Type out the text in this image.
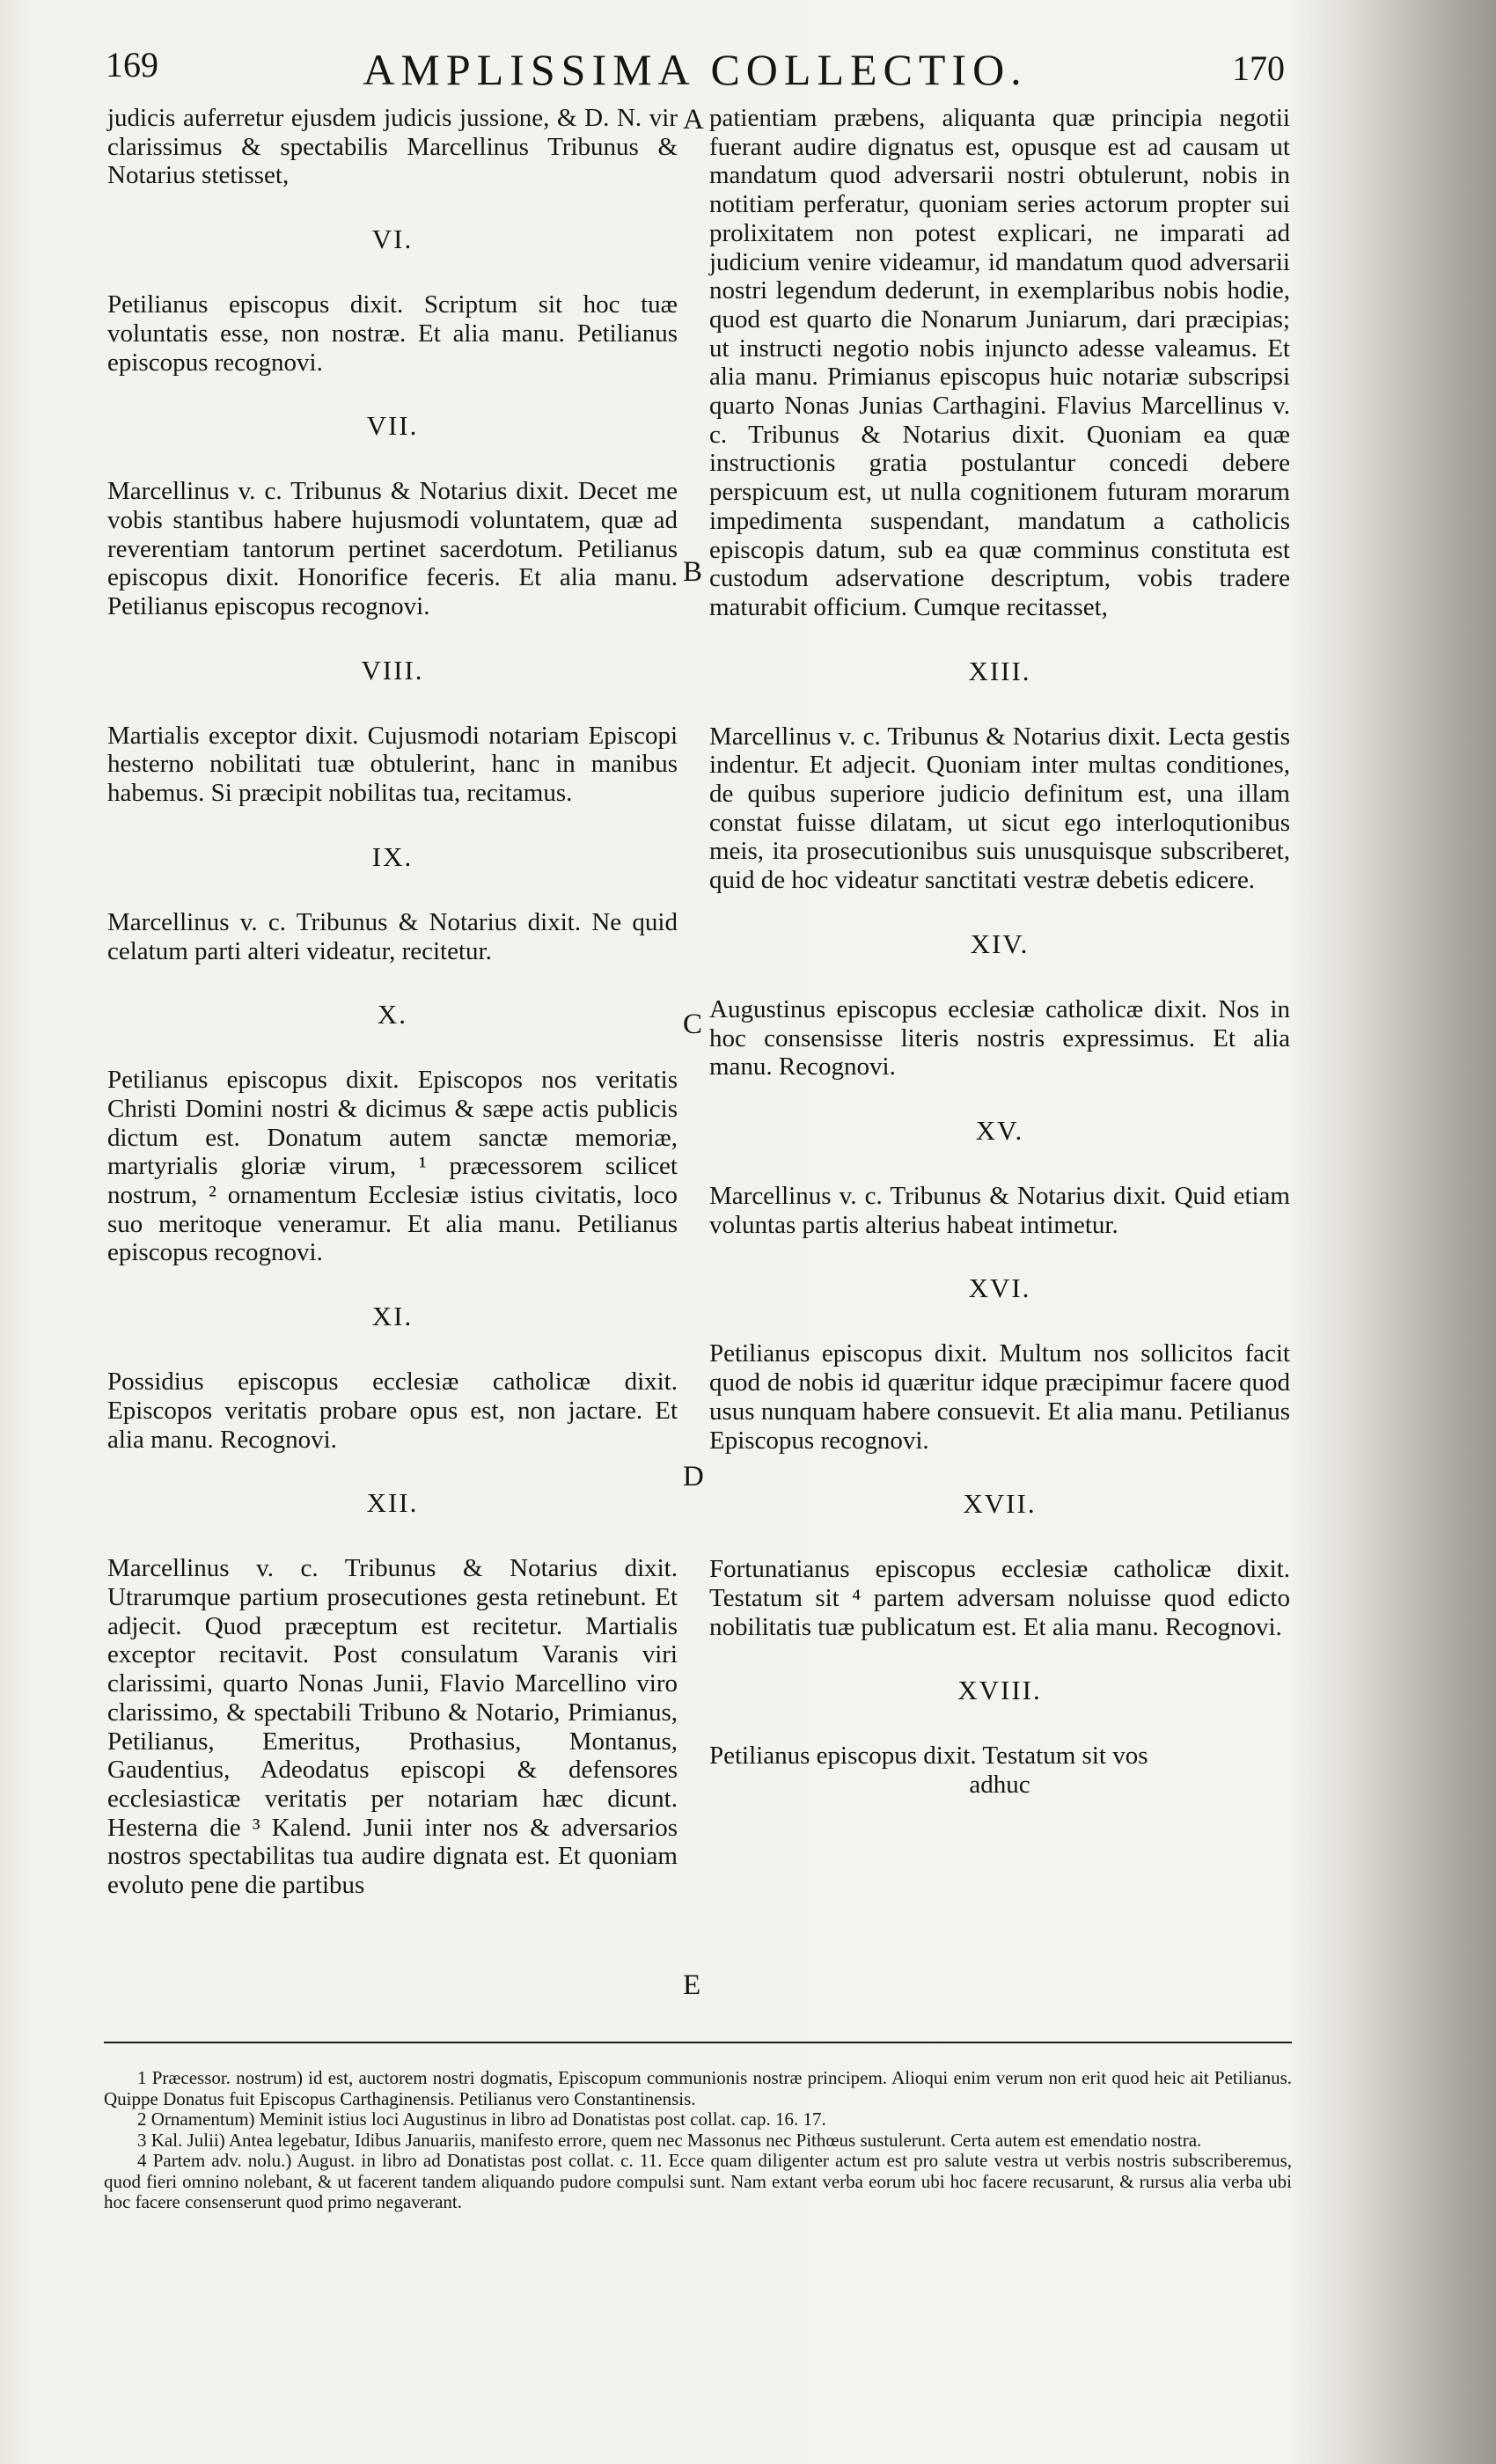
169	AMPLISSIMA COLLECTIO.	170

judicis auferretur ejusdem judicis jussione, & D. N. vir clarissimus & spectabilis Marcellinus Tribunus & Notarius stetisset,

VI.

Petilianus episcopus dixit. Scriptum sit hoc tuæ voluntatis esse, non nostræ. Et alia manu. Petilianus episcopus recognovi.

VII.

Marcellinus v. c. Tribunus & Notarius dixit. Decet me vobis stantibus habere hujusmodi voluntatem, quæ ad reverentiam tantorum pertinet sacerdotum. Petilianus episcopus dixit. Honorifice feceris. Et alia manu. Petilianus episcopus recognovi.

VIII.

Martialis exceptor dixit. Cujusmodi notariam Episcopi hesterno nobilitati tuæ obtulerint, hanc in manibus habemus. Si præcipit nobilitas tua, recitamus.

IX.

Marcellinus v. c. Tribunus & Notarius dixit. Ne quid celatum parti alteri videatur, recitetur.

X.

Petilianus episcopus dixit. Episcopos nos veritatis Christi Domini nostri & dicimus & sæpe actis publicis dictum est. Donatum autem sanctæ memoriæ, martyrialis gloriæ virum, ¹ præcessorem scilicet nostrum, ² ornamentum Ecclesiæ istius civitatis, loco suo meritoque veneramur. Et alia manu. Petilianus episcopus recognovi.

XI.

Possidius episcopus ecclesiæ catholicæ dixit. Episcopos veritatis probare opus est, non jactare. Et alia manu. Recognovi.

XII.

Marcellinus v. c. Tribunus & Notarius dixit. Utrarumque partium prosecutiones gesta retinebunt. Et adjecit. Quod præceptum est recitetur. Martialis exceptor recitavit. Post consulatum Varanis viri clarissimi, quarto Nonas Junii, Flavio Marcellino viro clarissimo, & spectabili Tribuno & Notario, Primianus, Petilianus, Emeritus, Prothasius, Montanus, Gaudentius, Adeodatus episcopi & defensores ecclesiasticæ veritatis per notariam hæc dicunt. Hesterna die ³ Kalend. Junii inter nos & adversarios nostros spectabilitas tua audire dignata est. Et quoniam evoluto pene die partibus

A
B
C
D
E

patientiam præbens, aliquanta quæ principia negotii fuerant audire dignatus est, opusque est ad causam ut mandatum quod adversarii nostri obtulerunt, nobis in notitiam perferatur, quoniam series actorum propter sui prolixitatem non potest explicari, ne imparati ad judicium venire videamur, id mandatum quod adversarii nostri legendum dederunt, in exemplaribus nobis hodie, quod est quarto die Nonarum Juniarum, dari præcipias; ut instructi negotio nobis injuncto adesse valeamus. Et alia manu. Primianus episcopus huic notariæ subscripsi quarto Nonas Junias Carthagini. Flavius Marcellinus v. c. Tribunus & Notarius dixit. Quoniam ea quæ instructionis gratia postulantur concedi debere perspicuum est, ut nulla cognitionem futuram morarum impedimenta suspendant, mandatum a catholicis episcopis datum, sub ea quæ comminus constituta est custodum adservatione descriptum, vobis tradere maturabit officium. Cumque recitasset,

XIII.

Marcellinus v. c. Tribunus & Notarius dixit. Lecta gestis indentur. Et adjecit. Quoniam inter multas conditiones, de quibus superiore judicio definitum est, una illam constat fuisse dilatam, ut sicut ego interloqutionibus meis, ita prosecutionibus suis unusquisque subscriberet, quid de hoc videatur sanctitati vestræ debetis edicere.

XIV.

Augustinus episcopus ecclesiæ catholicæ dixit. Nos in hoc consensisse literis nostris expressimus. Et alia manu. Recognovi.

XV.

Marcellinus v. c. Tribunus & Notarius dixit. Quid etiam voluntas partis alterius habeat intimetur.

XVI.

Petilianus episcopus dixit. Multum nos sollicitos facit quod de nobis id quæritur idque præcipimur facere quod usus nunquam habere consuevit. Et alia manu. Petilianus Episcopus recognovi.

XVII.

Fortunatianus episcopus ecclesiæ catholicæ dixit. Testatum sit ⁴ partem adversam noluisse quod edicto nobilitatis tuæ publicatum est. Et alia manu. Recognovi.

XVIII.

Petilianus episcopus dixit. Testatum sit vos

adhuc

1 Præcessor. nostrum) id est, auctorem nostri dogmatis, Episcopum communionis nostræ principem. Alioqui enim verum non erit quod heic ait Petilianus. Quippe Donatus fuit Episcopus Carthaginensis. Petilianus vero Constantinensis.

2 Ornamentum) Meminit istius loci Augustinus in libro ad Donatistas post collat. cap. 16. 17.

3 Kal. Julii) Antea legebatur, Idibus Januariis, manifesto errore, quem nec Massonus nec Pithœus sustulerunt. Certa autem est emendatio nostra.

4 Partem adv. nolu.) August. in libro ad Donatistas post collat. c. 11. Ecce quam diligenter actum est pro salute vestra ut verbis nostris subscriberemus, quod fieri omnino nolebant, & ut facerent tandem aliquando pudore compulsi sunt. Nam extant verba eorum ubi hoc facere recusarunt, & rursus alia verba ubi hoc facere consenserunt quod primo negaverant.
